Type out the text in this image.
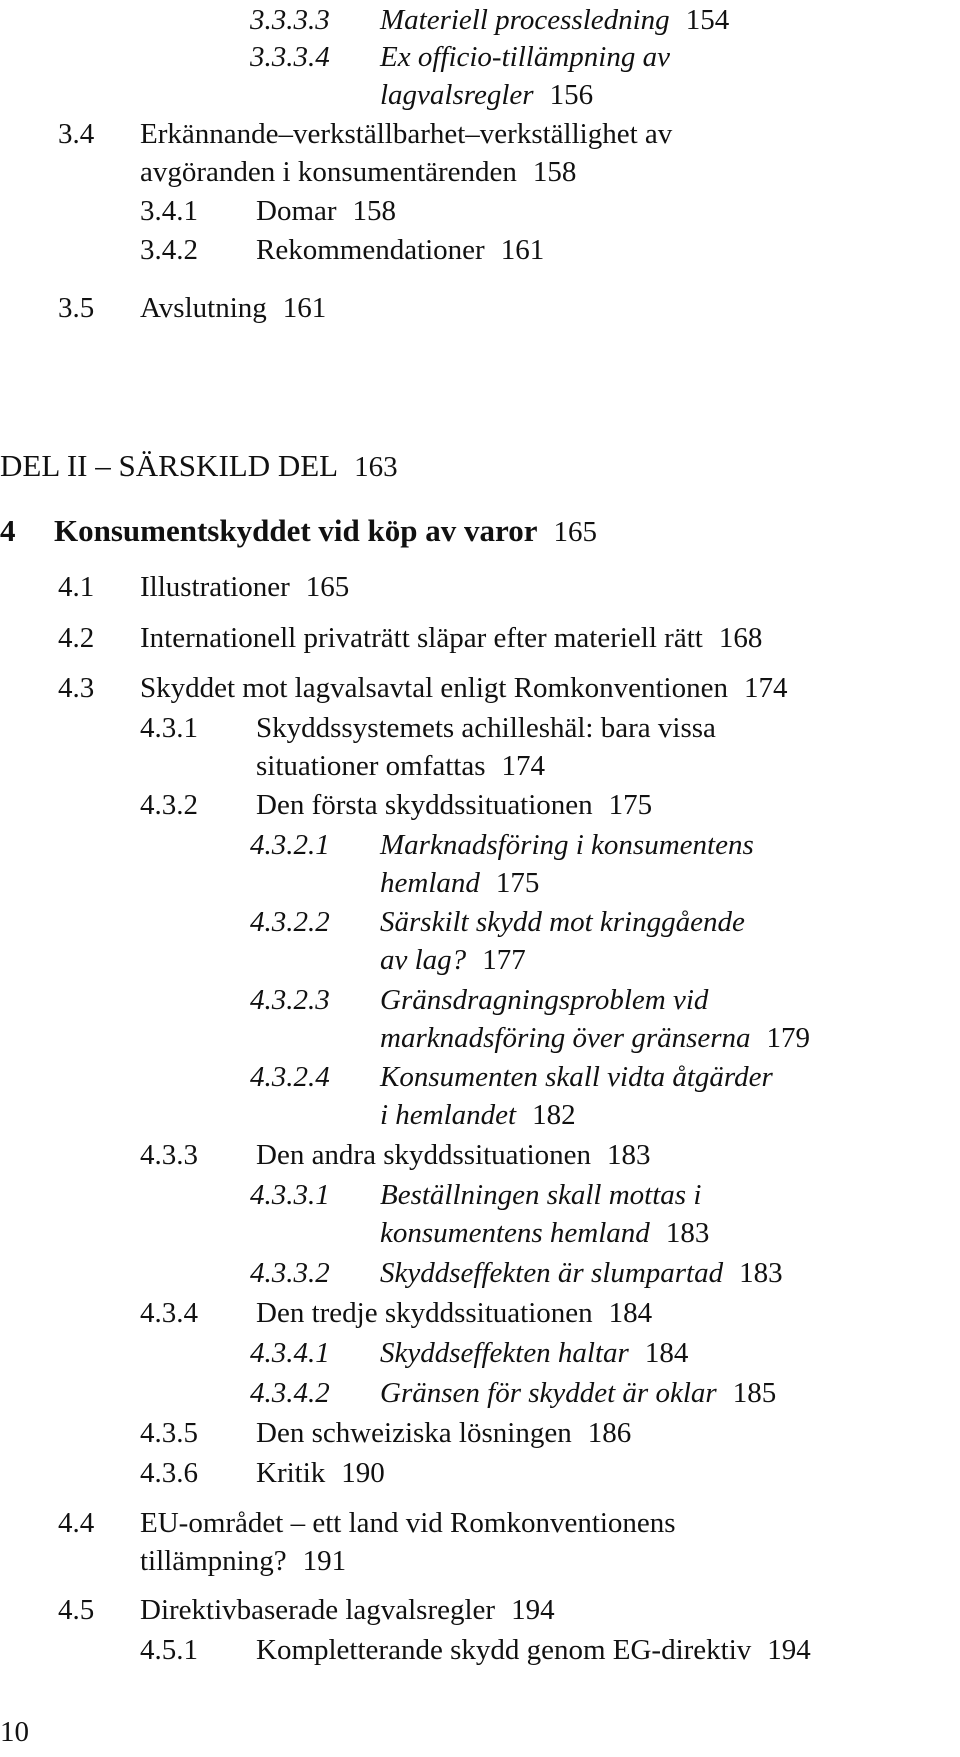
3.3.3.3 Materiell processledning 154
3.3.3.4 Ex officio-tillämpning av
lagvalsregler 156
3.4 Erkännande–verkställbarhet–verkställighet av
avgöranden i konsumentärenden 158
3.4.1 Domar 158
3.4.2 Rekommendationer 161
3.5 Avslutning 161
DEL II – SÄRSKILD DEL 163
4 Konsumentskyddet vid köp av varor 165
4.1 Illustrationer 165
4.2 Internationell privaträtt släpar efter materiell rätt 168
4.3 Skyddet mot lagvalsavtal enligt Romkonventionen 174
4.3.1 Skyddssystemets achilleshäl: bara vissa
situationer omfattas 174
4.3.2 Den första skyddssituationen 175
4.3.2.1 Marknadsföring i konsumentens
hemland 175
4.3.2.2 Särskilt skydd mot kringgående
av lag? 177
4.3.2.3 Gränsdragningsproblem vid
marknadsföring över gränserna 179
4.3.2.4 Konsumenten skall vidta åtgärder
i hemlandet 182
4.3.3 Den andra skyddssituationen 183
4.3.3.1 Beställningen skall mottas i
konsumentens hemland 183
4.3.3.2 Skyddseffekten är slumpartad 183
4.3.4 Den tredje skyddssituationen 184
4.3.4.1 Skyddseffekten haltar 184
4.3.4.2 Gränsen för skyddet är oklar 185
4.3.5 Den schweiziska lösningen 186
4.3.6 Kritik 190
4.4 EU-området – ett land vid Romkonventionens
tillämpning? 191
4.5 Direktivbaserade lagvalsregler 194
4.5.1 Kompletterande skydd genom EG-direktiv 194
10
